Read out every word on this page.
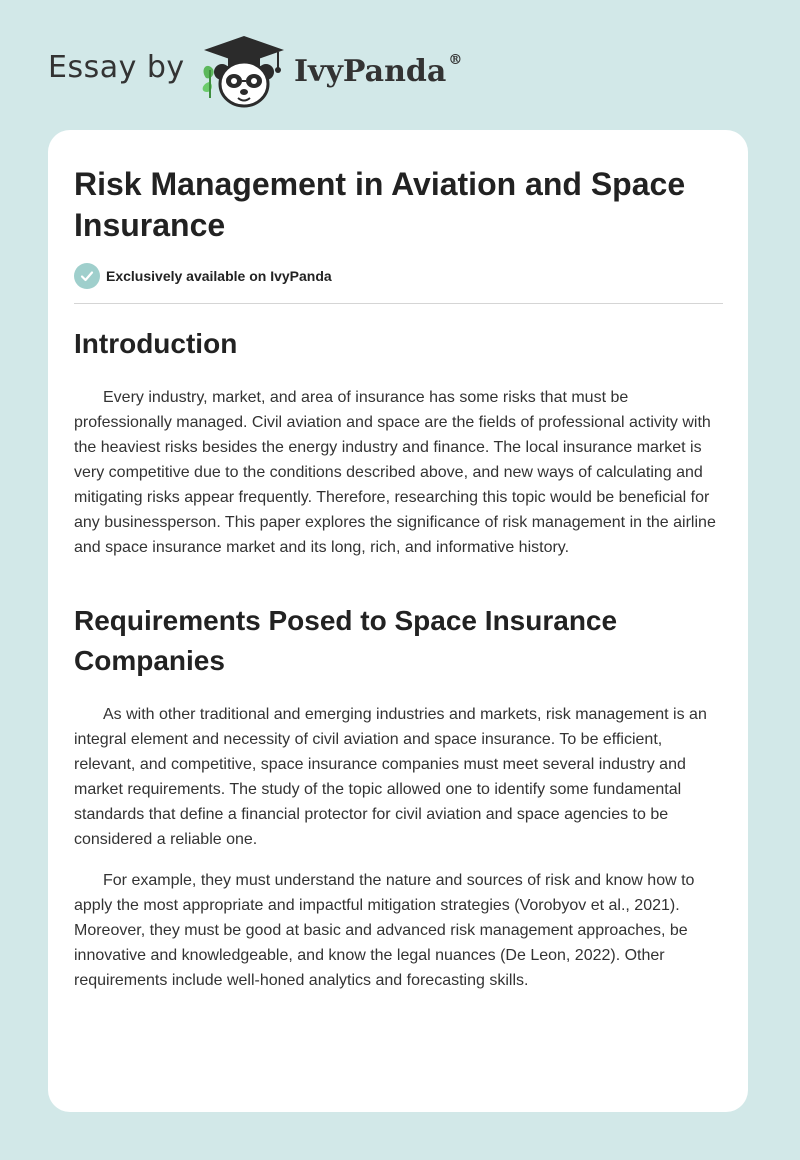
Essay by	IvyPanda ®
Risk Management in Aviation and Space Insurance
Exclusively available on IvyPanda
Introduction

Every industry, market, and area of insurance has some risks that must be professionally managed. Civil aviation and space are the fields of professional activity with the heaviest risks besides the energy industry and finance. The local insurance market is very competitive due to the conditions described above, and new ways of calculating and mitigating risks appear frequently. Therefore, researching this topic would be beneficial for any businessperson. This paper explores the significance of risk management in the airline and space insurance market and its long, rich, and informative history.

Requirements Posed to Space Insurance Companies

As with other traditional and emerging industries and markets, risk management is an integral element and necessity of civil aviation and space insurance. To be efficient, relevant, and competitive, space insurance companies must meet several industry and market requirements. The study of the topic allowed one to identify some fundamental standards that define a financial protector for civil aviation and space agencies to be considered a reliable one.

For example, they must understand the nature and sources of risk and know how to apply the most appropriate and impactful mitigation strategies (Vorobyov et al., 2021). Moreover, they must be good at basic and advanced risk management approaches, be innovative and knowledgeable, and know the legal nuances (De Leon, 2022). Other requirements include well-honed analytics and forecasting skills.
